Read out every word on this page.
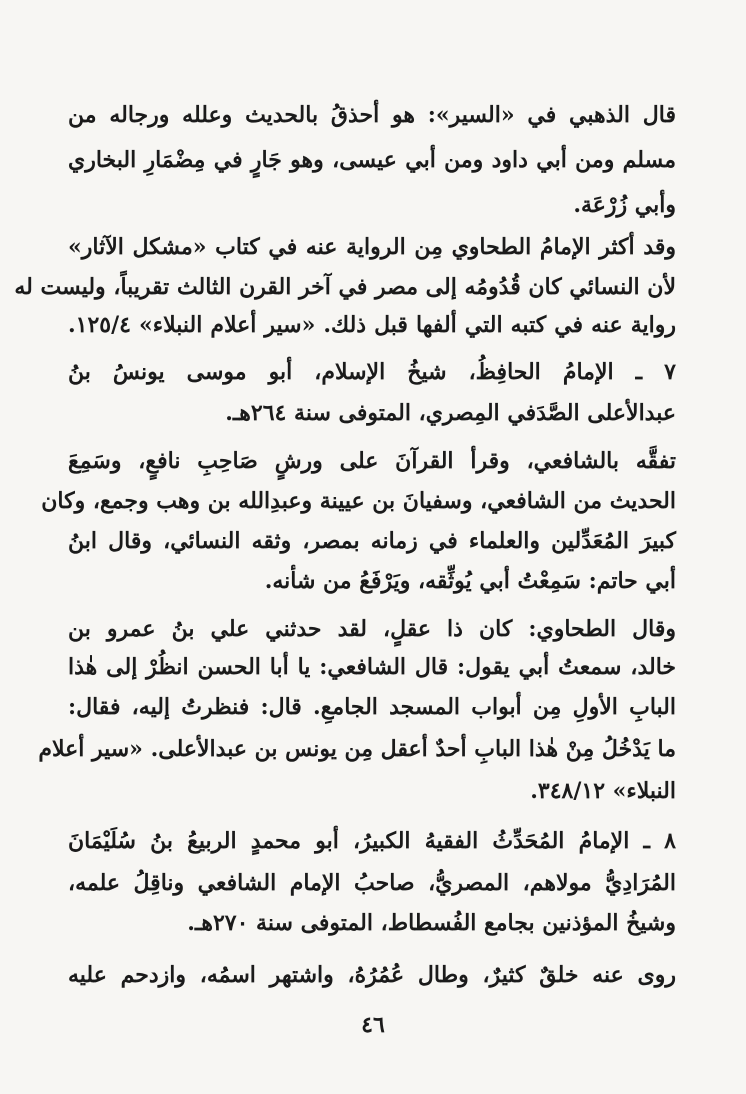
قال الذهبي في «السير»: هو أحذقُ بالحديث وعلله ورجاله من
مسلم ومن أبي داود ومن أبي عيسى، وهو جَارٍ في مِضْمَارِ البخاري
وأبي زُرْعَة.
وقد أكثر الإمامُ الطحاوي مِن الرواية عنه في كتاب «مشكل الآثار»
لأن النسائي كان قُدُومُه إلى مصر في آخر القرن الثالث تقريباً، وليست له
رواية عنه في كتبه التي ألفها قبل ذلك. «سير أعلام النبلاء» ١٢٥/٤.
٧ ـ الإمامُ الحافِظُ، شيخُ الإسلام، أبو موسى يونسُ بنُ
عبدالأعلى الصَّدَفي المِصري، المتوفى سنة ٢٦٤هـ.
تفقَّه بالشافعي، وقرأ القرآنَ على ورشٍ صَاحِبِ نافعٍ، وسَمِعَ
الحديث من الشافعي، وسفيانَ بن عيينة وعبدِالله بن وهب وجمع، وكان
كبيرَ المُعَدِّلين والعلماء في زمانه بمصر، وثقه النسائي، وقال ابنُ
أبي حاتم: سَمِعْتُ أبي يُوثِّقه، ويَرْفَعُ من شأنه.
وقال الطحاوي: كان ذا عقلٍ، لقد حدثني علي بنُ عمرو بن
خالد، سمعتُ أبي يقول: قال الشافعي: يا أبا الحسن انظُرْ إلى هٰذا
البابِ الأولِ مِن أبواب المسجد الجامعِ. قال: فنظرتُ إليه، فقال:
ما يَدْخُلُ مِنْ هٰذا البابِ أحدٌ أعقل مِن يونس بن عبدالأعلى. «سير أعلام
النبلاء» ٣٤٨/١٢.
٨ ـ الإمامُ المُحَدِّثُ الفقيهُ الكبيرُ، أبو محمدٍ الربيعُ بنُ سُلَيْمَانَ
المُرَادِيُّ مولاهم، المصريُّ، صاحبُ الإمام الشافعي وناقِلُ علمه،
وشيخُ المؤذنين بجامع الفُسطاط، المتوفى سنة ٢٧٠هـ.
روى عنه خلقٌ كثيرٌ، وطال عُمُرُهُ، واشتهر اسمُه، وازدحم عليه
٤٦
